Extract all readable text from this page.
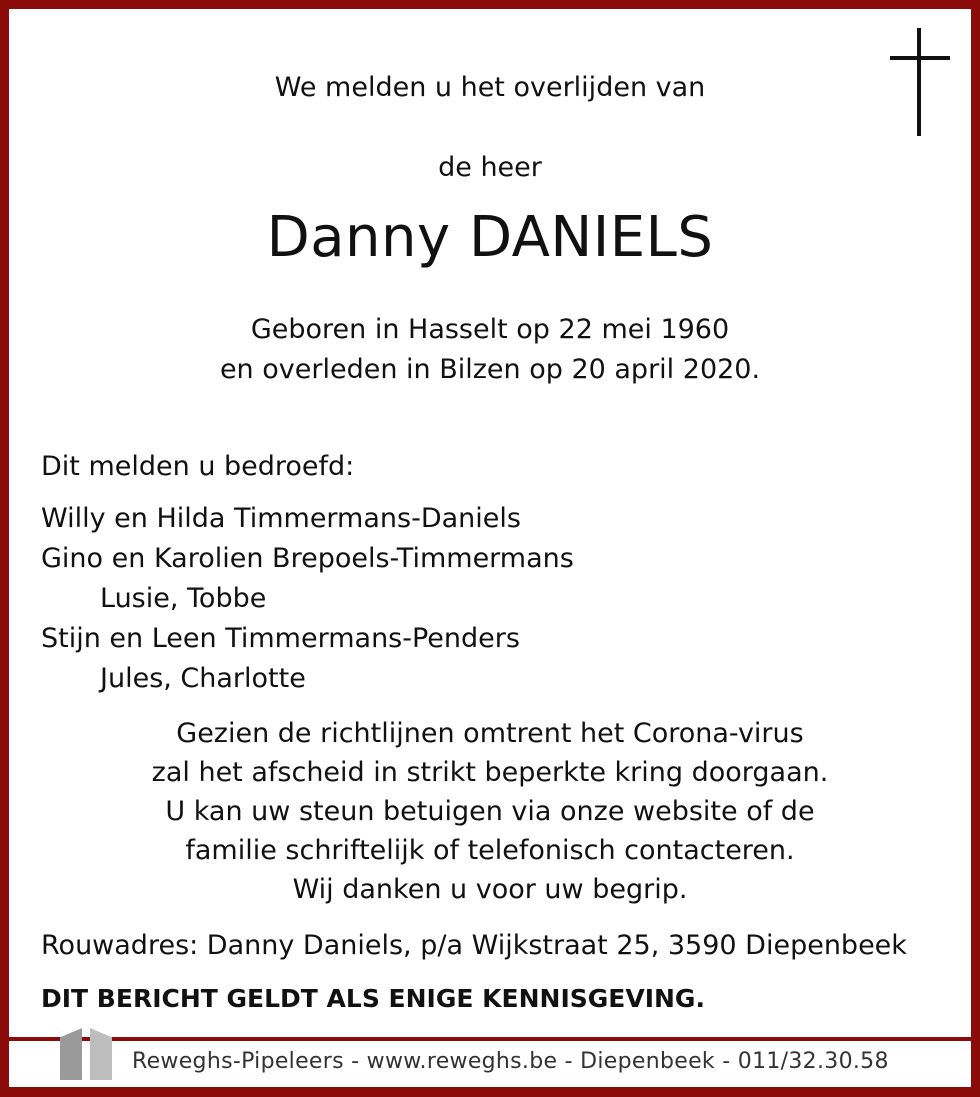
We melden u het overlijden van
de heer
Danny DANIELS
Geboren in Hasselt op 22 mei 1960
en overleden in Bilzen op 20 april 2020.
Dit melden u bedroefd:
Willy en Hilda Timmermans-Daniels
Gino en Karolien Brepoels-Timmermans
Lusie, Tobbe
Stijn en Leen Timmermans-Penders
Jules, Charlotte
Gezien de richtlijnen omtrent het Corona-virus
zal het afscheid in strikt beperkte kring doorgaan.
U kan uw steun betuigen via onze website of de
familie schriftelijk of telefonisch contacteren.
Wij danken u voor uw begrip.
Rouwadres: Danny Daniels, p/a Wijkstraat 25, 3590 Diepenbeek
DIT BERICHT GELDT ALS ENIGE KENNISGEVING.
Reweghs-Pipeleers - www.reweghs.be - Diepenbeek - 011/32.30.58
